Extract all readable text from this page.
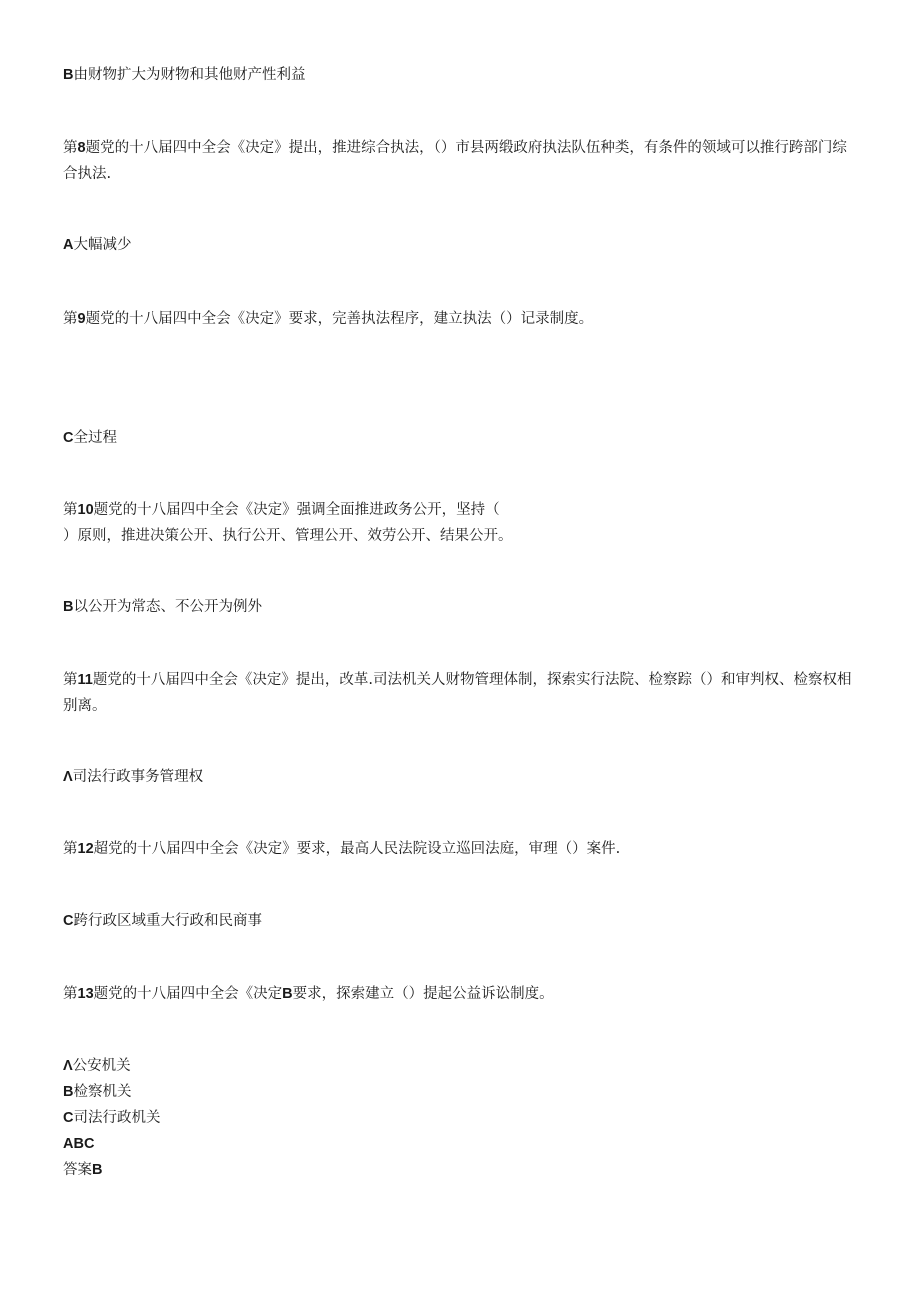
B由财物扩大为财物和其他财产性利益

第8题党的十八届四中全会《决定》提出，推进综合执法，（）市县两缎政府执法队伍种类，有条件的领域可以推行跨部门综合执法.

A大幅减少

第9题党的十八届四中全会《决定》要求，完善执法程序，建立执法（）记录制度。

C全过程

第10题党的十八届四中全会《决定》强调全面推进政务公开，坚持（
）原则，推进决策公开、执行公开、管理公开、效劳公开、结果公开。

B以公开为常态、不公开为例外

第11题党的十八届四中全会《决定》提出，改革.司法机关人财物管理体制，探索实行法院、检察踪（）和审判权、检察权相别离。

Λ司法行政事务管理权

第12超党的十八届四中全会《决定》要求，最高人民法院设立巡回法庭，审理（）案件.

C跨行政区域重大行政和民商事

第13题党的十八届四中全会《决定B要求，探索建立（）提起公益诉讼制度。

Λ公安机关
B检察机关
C司法行政机关
ABC
答案B
